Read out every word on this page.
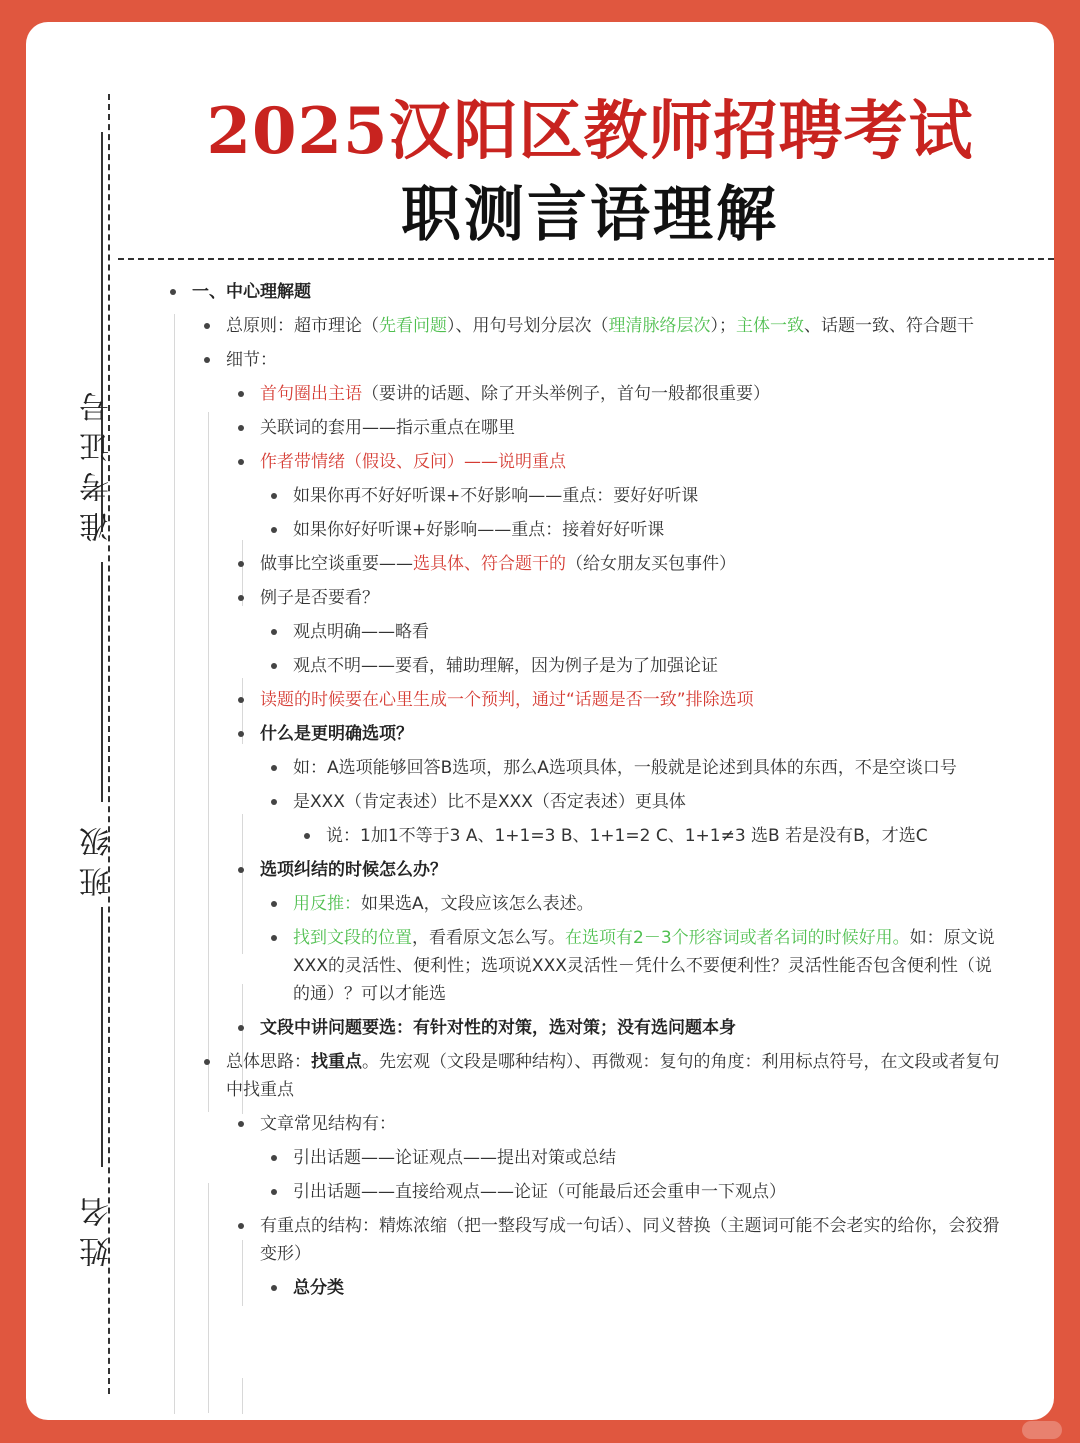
准考证号
班级
姓名
2025汉阳区教师招聘考试
职测言语理解
一、中心理解题
总原则：超市理论（先看问题）、用句号划分层次（理清脉络层次）；主体一致、话题一致、符合题干
细节：
首句圈出主语（要讲的话题、除了开头举例子，首句一般都很重要）
关联词的套用——指示重点在哪里
作者带情绪（假设、反问）——说明重点
如果你再不好好听课+不好影响——重点：要好好听课
如果你好好听课+好影响——重点：接着好好听课
做事比空谈重要——选具体、符合题干的（给女朋友买包事件）
例子是否要看？
观点明确——略看
观点不明——要看，辅助理解，因为例子是为了加强论证
读题的时候要在心里生成一个预判，通过“话题是否一致”排除选项
什么是更明确选项？
如：A选项能够回答B选项，那么A选项具体，一般就是论述到具体的东西，不是空谈口号
是XXX（肯定表述）比不是XXX（否定表述）更具体
说：1加1不等于3 A、1+1=3 B、1+1=2 C、1+1≠3 选B 若是没有B，才选C
选项纠结的时候怎么办？
用反推：如果选A，文段应该怎么表述。
找到文段的位置，看看原文怎么写。在选项有2－3个形容词或者名词的时候好用。如：原文说XXX的灵活性、便利性；选项说XXX灵活性－凭什么不要便利性？灵活性能否包含便利性（说的通）？可以才能选
文段中讲问题要选：有针对性的对策，选对策；没有选问题本身
总体思路：找重点。先宏观（文段是哪种结构）、再微观：复句的角度：利用标点符号，在文段或者复句中找重点
文章常见结构有：
引出话题——论证观点——提出对策或总结
引出话题——直接给观点——论证（可能最后还会重申一下观点）
有重点的结构：精炼浓缩（把一整段写成一句话）、同义替换（主题词可能不会老实的给你，会狡猾变形）
总分类
